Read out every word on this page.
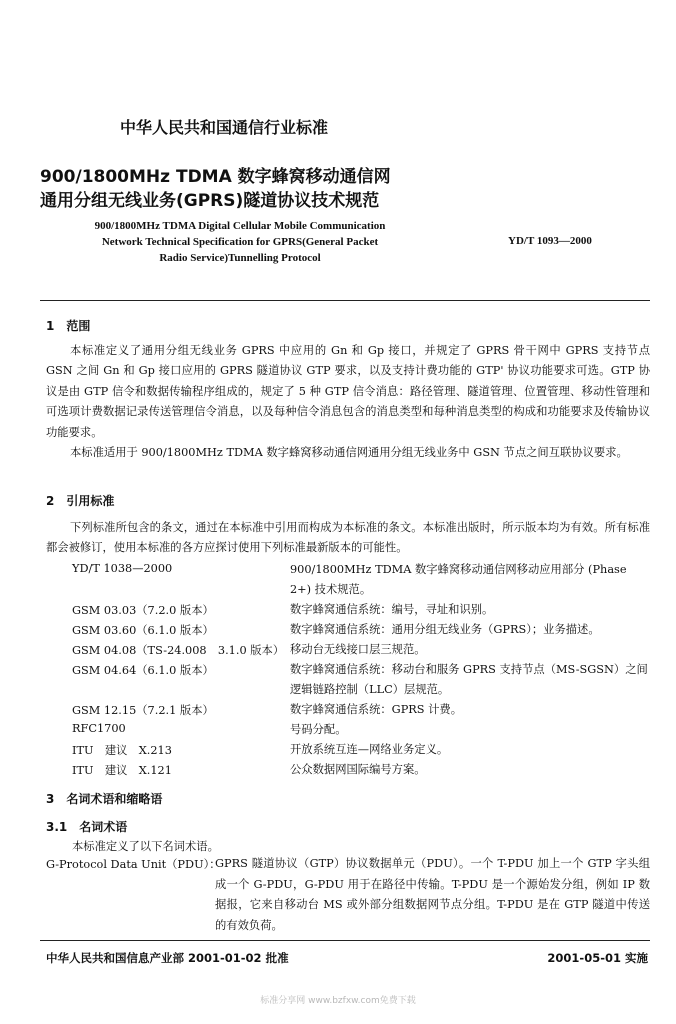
中华人民共和国通信行业标准
900/1800MHz TDMA 数字蜂窝移动通信网
通用分组无线业务(GPRS)隧道协议技术规范
900/1800MHz TDMA Digital Cellular Mobile Communication
Network Technical Specification for GPRS(General Packet
Radio Service)Tunnelling Protocol
YD/T 1093—2000
1　范围
本标准定义了通用分组无线业务 GPRS 中应用的 Gn 和 Gp 接口，并规定了 GPRS 骨干网中 GPRS 支持节点 GSN 之间 Gn 和 Gp 接口应用的 GPRS 隧道协议 GTP 要求，以及支持计费功能的 GTP' 协议功能要求可选。GTP 协议是由 GTP 信令和数据传输程序组成的，规定了 5 种 GTP 信令消息：路径管理、隧道管理、位置管理、移动性管理和可选项计费数据记录传送管理信令消息，以及每种信令消息包含的消息类型和每种消息类型的构成和功能要求及传输协议功能要求。
本标准适用于 900/1800MHz TDMA 数字蜂窝移动通信网通用分组无线业务中 GSN 节点之间互联协议要求。
2　引用标准
下列标准所包含的条文，通过在本标准中引用而构成为本标准的条文。本标准出版时，所示版本均为有效。所有标准都会被修订，使用本标准的各方应探讨使用下列标准最新版本的可能性。
YD/T 1038—2000	900/1800MHz TDMA 数字蜂窝移动通信网移动应用部分 (Phase 2+) 技术规范。
GSM 03.03（7.2.0 版本）	数字蜂窝通信系统：编号，寻址和识别。
GSM 03.60（6.1.0 版本）	数字蜂窝通信系统：通用分组无线业务（GPRS）；业务描述。
GSM 04.08（TS-24.008　3.1.0 版本） 移动台无线接口层三规范。
GSM 04.64（6.1.0 版本）	数字蜂窝通信系统：移动台和服务 GPRS 支持节点（MS-SGSN）之间逻辑链路控制（LLC）层规范。
GSM 12.15（7.2.1 版本）	数字蜂窝通信系统：GPRS 计费。
RFC1700	号码分配。
ITU　建议　X.213	开放系统互连—网络业务定义。
ITU　建议　X.121	公众数据网国际编号方案。
3　名词术语和缩略语
3.1　名词术语
本标准定义了以下名词术语。
G-Protocol Data Unit（PDU）：
GPRS 隧道协议（GTP）协议数据单元（PDU）。一个 T-PDU 加上一个 GTP 字头组成一个 G-PDU，G-PDU 用于在路径中传输。T-PDU 是一个源始发分组，例如 IP 数据报，它来自移动台 MS 或外部分组数据网节点分组。T-PDU 是在 GTP 隧道中传送的有效负荷。
中华人民共和国信息产业部 2001-01-02 批准	2001-05-01 实施
标准分享网 www.bzfxw.com免费下载
